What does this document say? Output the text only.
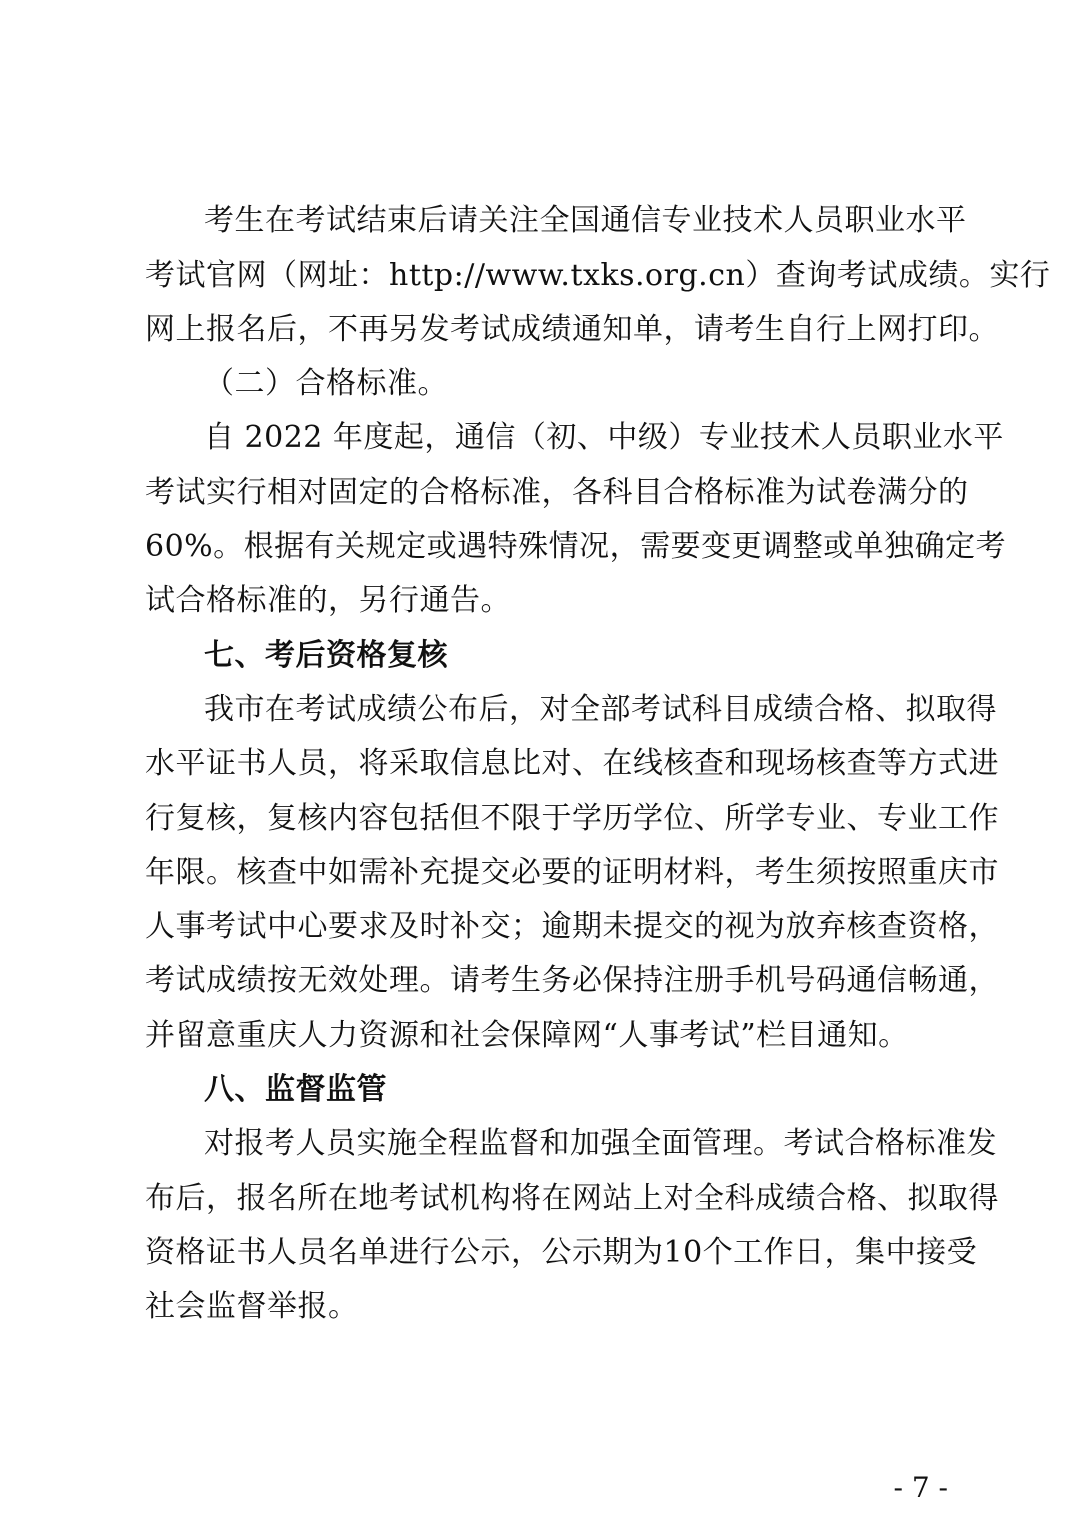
考生在考试结束后请关注全国通信专业技术人员职业水平
考试官网（网址：http://www.txks.org.cn）查询考试成绩。实行
网上报名后，不再另发考试成绩通知单，请考生自行上网打印。
（二）合格标准。
自 2022 年度起，通信（初、中级）专业技术人员职业水平
考试实行相对固定的合格标准，各科目合格标准为试卷满分的
60%。根据有关规定或遇特殊情况，需要变更调整或单独确定考
试合格标准的，另行通告。
七、考后资格复核
我市在考试成绩公布后，对全部考试科目成绩合格、拟取得
水平证书人员，将采取信息比对、在线核查和现场核查等方式进
行复核，复核内容包括但不限于学历学位、所学专业、专业工作
年限。核查中如需补充提交必要的证明材料，考生须按照重庆市
人事考试中心要求及时补交；逾期未提交的视为放弃核查资格，
考试成绩按无效处理。请考生务必保持注册手机号码通信畅通，
并留意重庆人力资源和社会保障网“人事考试”栏目通知。
八、监督监管
对报考人员实施全程监督和加强全面管理。考试合格标准发
布后，报名所在地考试机构将在网站上对全科成绩合格、拟取得
资格证书人员名单进行公示，公示期为10个工作日，集中接受
社会监督举报。
- 7 -
